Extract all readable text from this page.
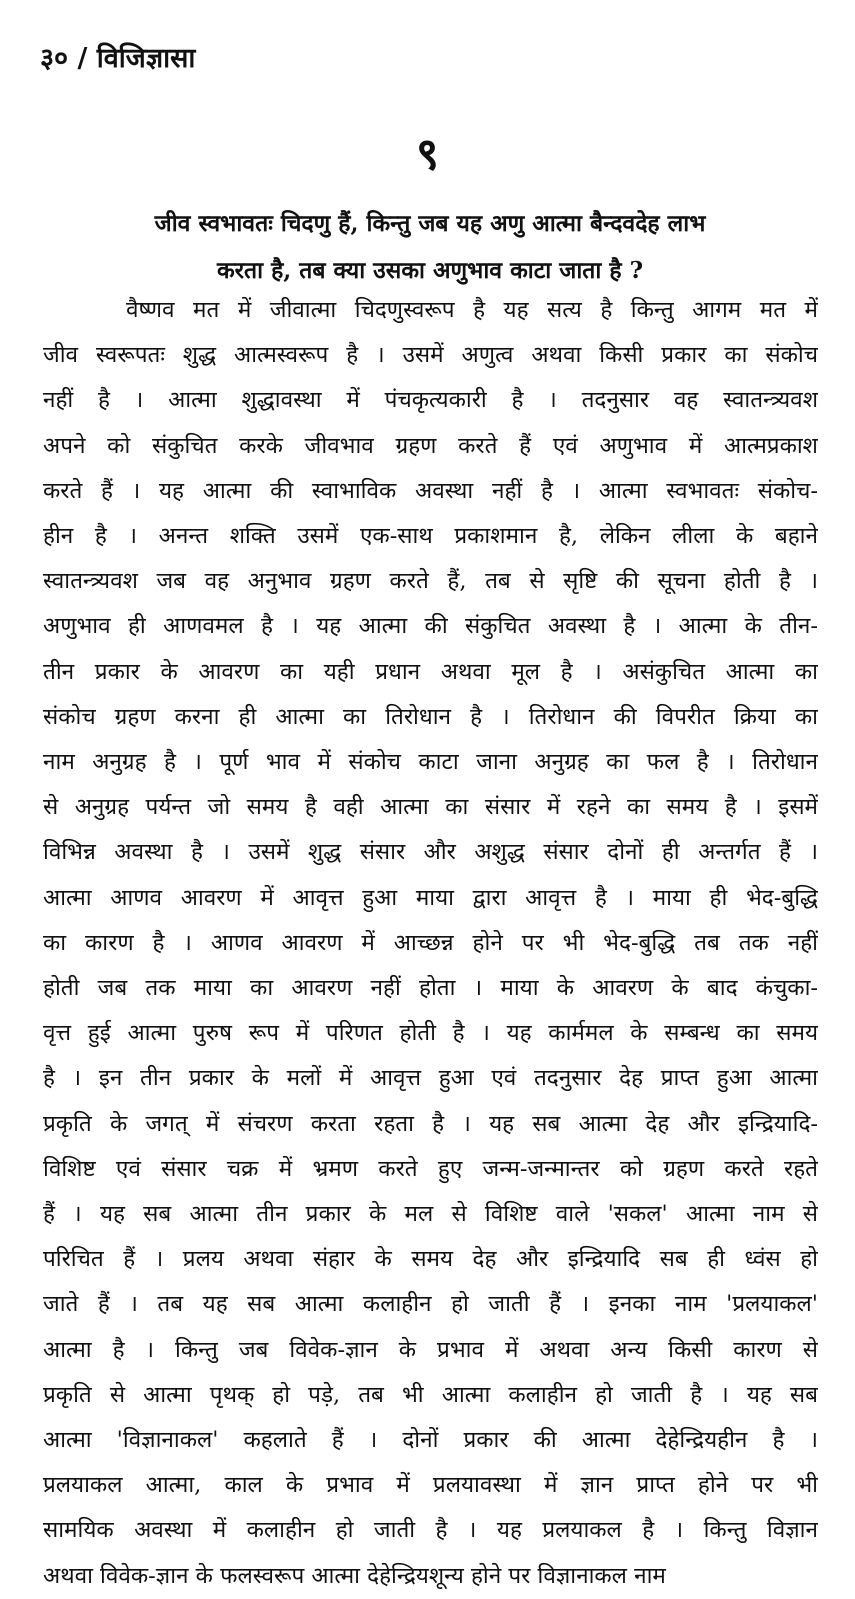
३० / विजिज्ञासा
९
जीव स्वभावतः चिदणु हैं, किन्तु जब यह अणु आत्मा बैन्दवदेह लाभ
करता है, तब क्या उसका अणुभाव काटा जाता है ?
वैष्णव मत में जीवात्मा चिदणुस्वरूप है यह सत्य है किन्तु आगम मत में
जीव स्वरूपतः शुद्ध आत्मस्वरूप है । उसमें अणुत्व अथवा किसी प्रकार का संकोच
नहीं है । आत्मा शुद्धावस्था में पंचकृत्यकारी है । तदनुसार वह स्वातन्त्र्यवश
अपने को संकुचित करके जीवभाव ग्रहण करते हैं एवं अणुभाव में आत्मप्रकाश
करते हैं । यह आत्मा की स्वाभाविक अवस्था नहीं है । आत्मा स्वभावतः संकोच-
हीन है । अनन्त शक्ति उसमें एक-साथ प्रकाशमान है, लेकिन लीला के बहाने
स्वातन्त्र्यवश जब वह अनुभाव ग्रहण करते हैं, तब से सृष्टि की सूचना होती है ।
अणुभाव ही आणवमल है । यह आत्मा की संकुचित अवस्था है । आत्मा के तीन-
तीन प्रकार के आवरण का यही प्रधान अथवा मूल है । असंकुचित आत्मा का
संकोच ग्रहण करना ही आत्मा का तिरोधान है । तिरोधान की विपरीत क्रिया का
नाम अनुग्रह है । पूर्ण भाव में संकोच काटा जाना अनुग्रह का फल है । तिरोधान
से अनुग्रह पर्यन्त जो समय है वही आत्मा का संसार में रहने का समय है । इसमें
विभिन्न अवस्था है । उसमें शुद्ध संसार और अशुद्ध संसार दोनों ही अन्तर्गत हैं ।
आत्मा आणव आवरण में आवृत्त हुआ माया द्वारा आवृत्त है । माया ही भेद-बुद्धि
का कारण है । आणव आवरण में आच्छन्न होने पर भी भेद-बुद्धि तब तक नहीं
होती जब तक माया का आवरण नहीं होता । माया के आवरण के बाद कंचुका-
वृत्त हुई आत्मा पुरुष रूप में परिणत होती है । यह कार्ममल के सम्बन्ध का समय
है । इन तीन प्रकार के मलों में आवृत्त हुआ एवं तदनुसार देह प्राप्त हुआ आत्मा
प्रकृति के जगत् में संचरण करता रहता है । यह सब आत्मा देह और इन्द्रियादि-
विशिष्ट एवं संसार चक्र में भ्रमण करते हुए जन्म-जन्मान्तर को ग्रहण करते रहते
हैं । यह सब आत्मा तीन प्रकार के मल से विशिष्ट वाले 'सकल' आत्मा नाम से
परिचित हैं । प्रलय अथवा संहार के समय देह और इन्द्रियादि सब ही ध्वंस हो
जाते हैं । तब यह सब आत्मा कलाहीन हो जाती हैं । इनका नाम 'प्रलयाकल'
आत्मा है । किन्तु जब विवेक-ज्ञान के प्रभाव में अथवा अन्य किसी कारण से
प्रकृति से आत्मा पृथक् हो पड़े, तब भी आत्मा कलाहीन हो जाती है । यह सब
आत्मा 'विज्ञानाकल' कहलाते हैं । दोनों प्रकार की आत्मा देहेन्द्रियहीन है ।
प्रलयाकल आत्मा, काल के प्रभाव में प्रलयावस्था में ज्ञान प्राप्त होने पर भी
सामयिक अवस्था में कलाहीन हो जाती है । यह प्रलयाकल है । किन्तु विज्ञान
अथवा विवेक-ज्ञान के फलस्वरूप आत्मा देहेन्द्रियशून्य होने पर विज्ञानाकल नाम
